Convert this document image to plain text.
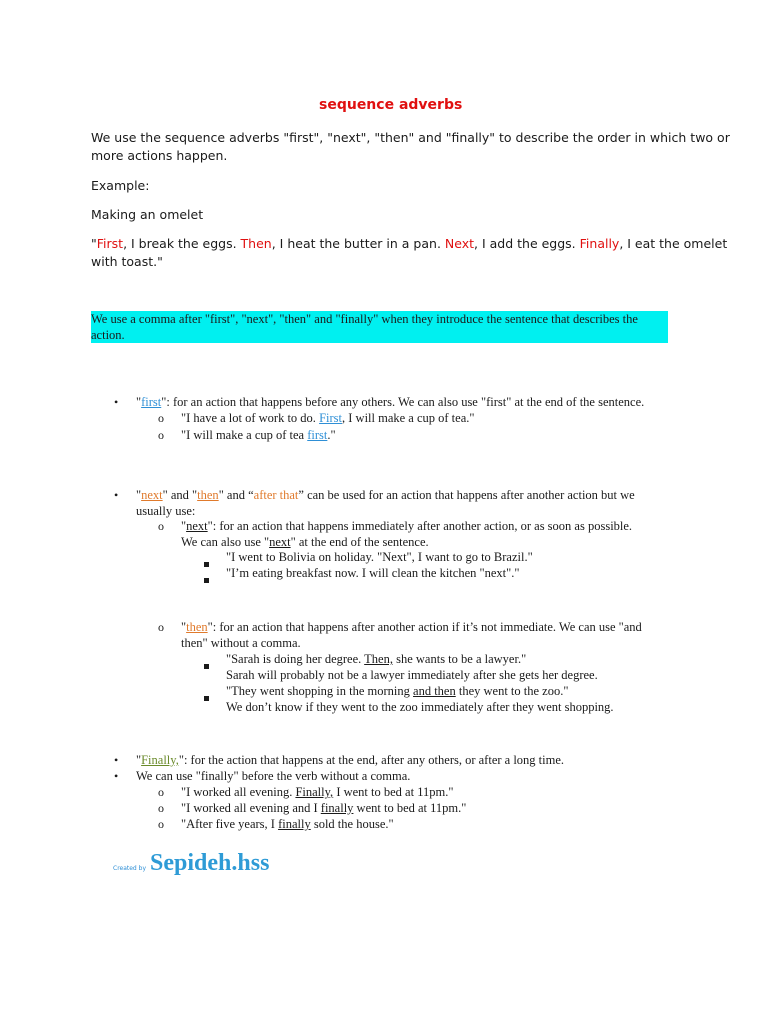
sequence adverbs
We use the sequence adverbs "first", "next", "then" and "finally" to describe the order in which two or
more actions happen.
Example:
Making an omelet
"First, I break the eggs. Then, I heat the butter in a pan. Next, I add the eggs. Finally, I eat the omelet
with toast."
We use a comma after "first", "next", "then" and "finally" when they introduce the sentence that describes the
action.
• "first": for an action that happens before any others. We can also use "first" at the end of the sentence.
o "I have a lot of work to do. First, I will make a cup of tea."
o "I will make a cup of tea first."
• "next" and "then" and “after that” can be used for an action that happens after another action but we
usually use:
o "next": for an action that happens immediately after another action, or as soon as possible.
We can also use "next" at the end of the sentence.
"I went to Bolivia on holiday. "Next", I want to go to Brazil."
"I’m eating breakfast now. I will clean the kitchen "next"."
o "then": for an action that happens after another action if it’s not immediate. We can use "and
then" without a comma.
"Sarah is doing her degree. Then, she wants to be a lawyer."
Sarah will probably not be a lawyer immediately after she gets her degree.
"They went shopping in the morning and then they went to the zoo."
We don’t know if they went to the zoo immediately after they went shopping.
• "Finally,": for the action that happens at the end, after any others, or after a long time.
• We can use "finally" before the verb without a comma.
o "I worked all evening. Finally, I went to bed at 11pm."
o "I worked all evening and I finally went to bed at 11pm."
o "After five years, I finally sold the house."
Created by Sepideh.hss
